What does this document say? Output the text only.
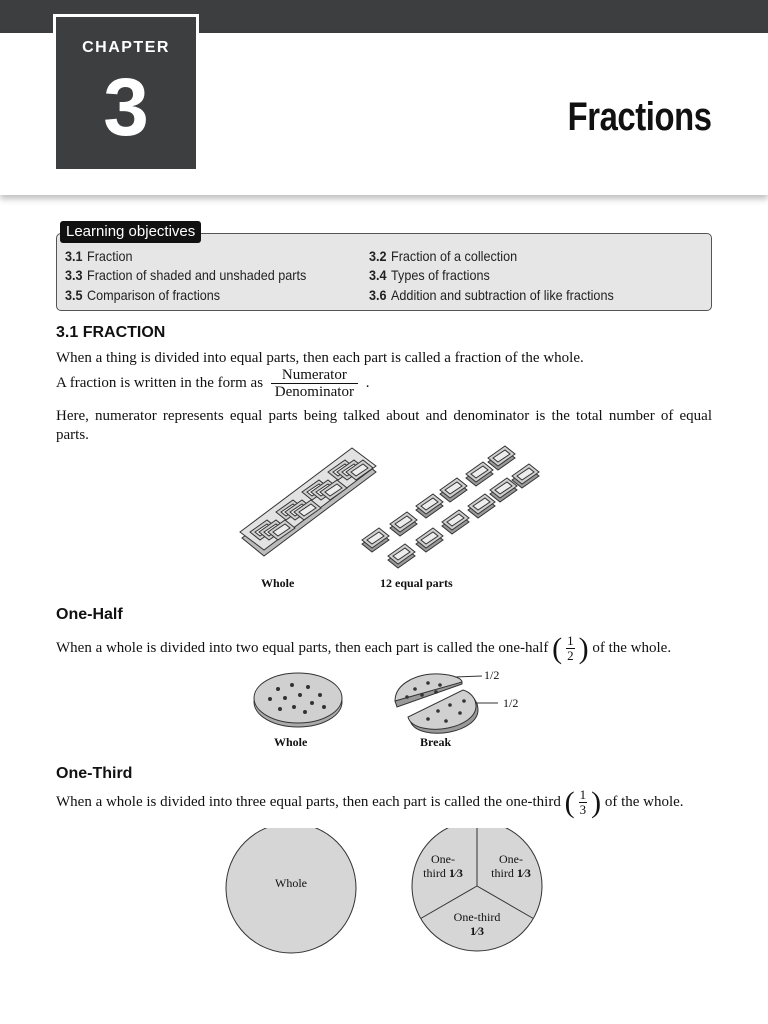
CHAPTER
3	Fractions
Learning objectives
3.1 Fraction	3.2 Fraction of a collection
3.3 Fraction of shaded and unshaded parts	3.4 Types of fractions
3.5 Comparison of fractions	3.6 Addition and subtraction of like fractions
3.1 FRACTION
When a thing is divided into equal parts, then each part is called a fraction of the whole.
A fraction is written in the form as $\frac{\text{Numerator}}{\text{Denominator}}$ .
Here, numerator represents equal parts being talked about and denominator is the total number of equal parts.
Whole	12 equal parts
One-Half
When a whole is divided into two equal parts, then each part is called the one-half ( $\frac{1}{2}$ ) of the whole.
1/2
1/2
Whole	Break
One-Third
When a whole is divided into three equal parts, then each part is called the one-third ( $\frac{1}{3}$ ) of the whole.
Whole
One-
third 1⁄3
One-
third 1⁄3
One-third
1⁄3
